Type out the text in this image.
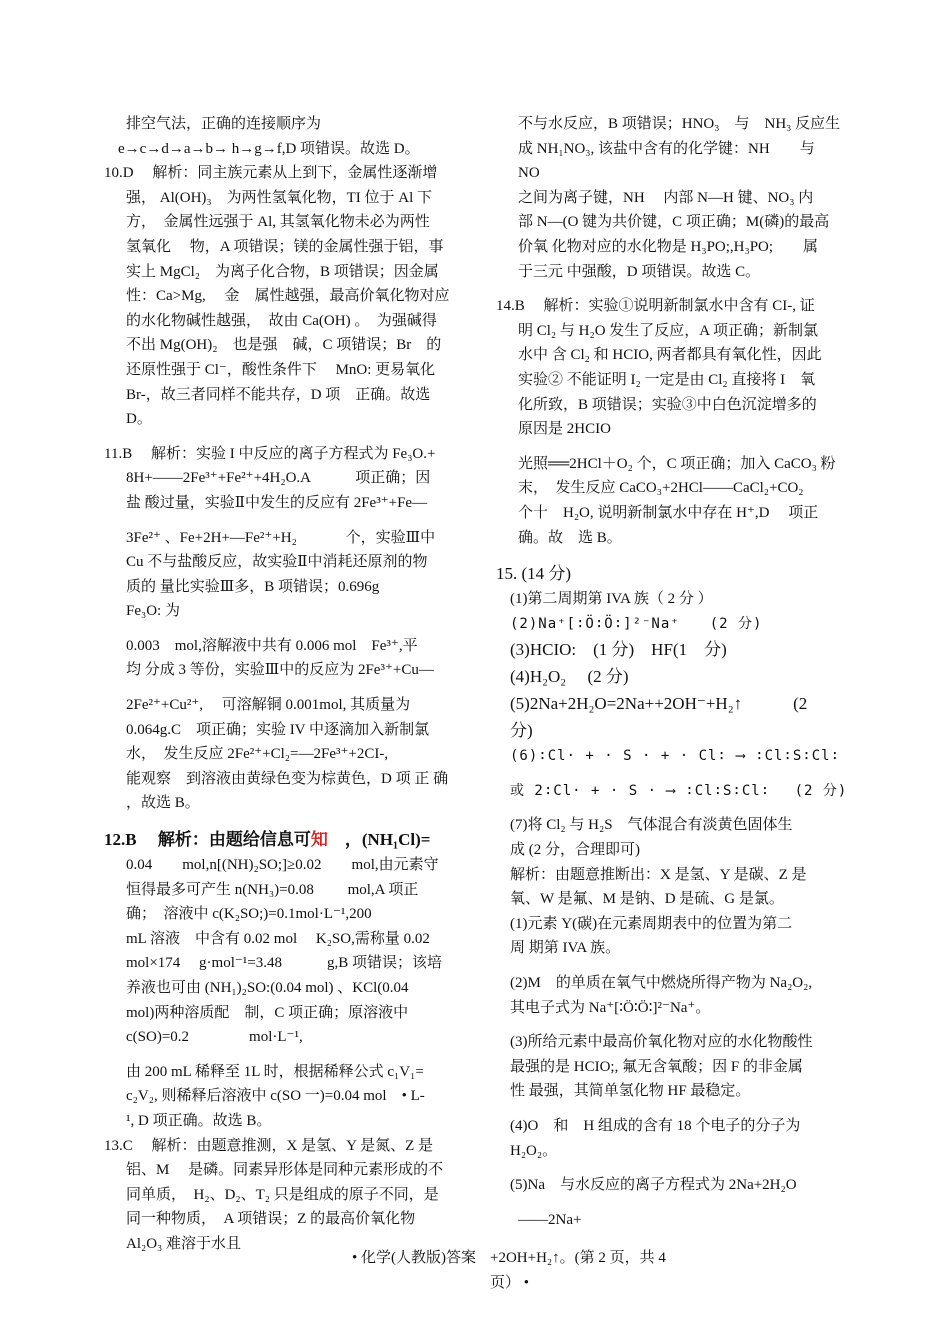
排空气法，正确的连接顺序为

e→c→d→a→b→ h→g→f,D 项错误。故选 D。

10.D　 解析：同主族元素从上到下，金属性逐渐增

强， Al(OH)₃　为两性氢氧化物，TI 位于 Al 下

方，　金属性远强于 Al, 其氢氧化物未必为两性

氢氧化　 物，A 项错误；镁的金属性强于铝，事

实上 MgCl₂　为离子化合物，B 项错误；因金属

性：Ca>Mg,　 金　属性越强，最高价氧化物对应

的水化物碱性越强，　故由 Ca(OH) 。　为强碱得

不出 Mg(OH)₂　也是强　碱，C 项错误；Br　的

还原性强于 Cl⁻，酸性条件下　 MnO: 更易氧化

Br-，故三者同样不能共存，D 项　正确。故选

D。

11.B　 解析：实验 I 中反应的离子方程式为 Fe₃O.+

8H+——2Fe³⁺+Fe²⁺+4H₂O.A　　　项正确；因

盐 酸过量，实验Ⅱ中发生的反应有 2Fe³⁺+Fe—

3Fe²⁺ 、Fe+2H+—Fe²⁺+H₂　　　 个，实验Ⅲ中

Cu 不与盐酸反应，故实验Ⅱ中消耗还原剂的物

质的 量比实验Ⅲ多，B 项错误；0.696g

Fe₃O: 为

0.003　mol,溶解液中共有 0.006 mol　Fe³⁺,平

均 分成 3 等份，实验Ⅲ中的反应为 2Fe³⁺+Cu—

2Fe²⁺+Cu²⁺,　 可溶解铜 0.001mol, 其质量为

0.064g.C　项正确；实验 IV 中逐滴加入新制氯

水，　发生反应 2Fe²⁺+Cl₂=—2Fe³⁺+2CI-,

能观察　到溶液由黄绿色变为棕黄色，D 项 正 确

，故选 B。

12.B　 解析：由题给信息可知　，(NH₁Cl)=

0.04　　mol,n[(NH)₂SO;]≥0.02　　mol,由元素守

恒得最多可产生 n(NH₃)=0.08　　 mol,A 项正

确；　溶液中 c(K₂SO;)=0.1mol·L⁻¹,200

mL 溶液　中含有 0.02 mol　 K₂SO,需称量 0.02

mol×174　 g·mol⁻¹=3.48　　　g,B 项错误；该培

养液也可由 (NH₁)₂SO:(0.04 mol) 、KCl(0.04

mol)两种溶质配　制，C 项正确；原溶液中

c(SO)=0.2　　　　mol·L⁻¹,

由 200 mL 稀释至 1L 时，根据稀释公式 c₁V₁=

c₂V₂, 则稀释后溶液中 c(SO 一)=0.04 mol　• L-

¹, D 项正确。故选 B。

13.C　 解析：由题意推测，X 是氢、Y 是氮、Z 是

铝、M　 是磷。同素异形体是同种元素形成的不

同单质，　H₂、D₂、T₂ 只是组成的原子不同，是

同一种物质，　A 项错误；Z 的最高价氧化物

Al₂O₃ 难溶于水且

不与水反应，B 项错误；HNO₃　与　NH₃ 反应生

成 NH₁NO₃, 该盐中含有的化学键：NH　　与

NO

之间为离子键，NH　 内部 N—H 键、NO₃ 内

部 N—(O 键为共价键，C 项正确；M(磷)的最高

价氧 化物对应的水化物是 H₃PO;,H₃PO;　　属

于三元 中强酸，D 项错误。故选 C。

14.B　 解析：实验①说明新制氯水中含有 CI-, 证

明 Cl₂ 与 H₂O 发生了反应，A 项正确；新制氯

水中 含 Cl₂ 和 HCIO, 两者都具有氧化性，因此

实验② 不能证明 I₂ 一定是由 Cl₂ 直接将 I　氧

化所致，B 项错误；实验③中白色沉淀增多的

原因是 2HCIO

光照══2HCl＋O₂ 个，C 项正确；加入 CaCO₃ 粉

末，　发生反应 CaCO₃+2HCl——CaCl₂+CO₂

个十　H₂O, 说明新制氯水中存在 H⁺,D　 项正

确。故　选 B。

15. (14 分)

(1)第二周期第 IVA 族（ 2 分 ）

(2)Na⁺[∶Ö∶Ö∶]²⁻Na⁺　　(2 分)

(3)HCIO:　(1 分)　HF(1　分)

(4)H₂O₂　 (2 分)

(5)2Na+2H₂O=2Na++2OH⁻+H₂↑　　　(2

分)

(6)∶Cl· + · S · + · Cl∶ ⟶ ∶Cl∶S∶Cl∶

或 2∶Cl· + · S · ⟶ ∶Cl∶S∶Cl∶　 (2 分)

(7)将 Cl₂ 与 H₂S　气体混合有淡黄色固体生

成 (2 分，合理即可)

解析：由题意推断出：X 是氢、Y 是碳、Z 是

氧、W 是氟、M 是钠、D 是硫、G 是氯。

(1)元素 Y(碳)在元素周期表中的位置为第二

周 期第 IVA 族。

(2)M　的单质在氧气中燃烧所得产物为 Na₂O₂,

其电子式为 Na⁺[∶Ö∶Ö∶]²⁻Na⁺。

(3)所给元素中最高价氧化物对应的水化物酸性

最强的是 HCIO;, 氟无含氧酸；因 F 的非金属

性 最强，其简单氢化物 HF 最稳定。

(4)O　和　H 组成的含有 18 个电子的分子为

H₂O₂。

(5)Na　与水反应的离子方程式为 2Na+2H₂O

——2Na+

• 化学(人教版)答案 +2OH+H₂↑。(第 2 页，共 4 页） •
